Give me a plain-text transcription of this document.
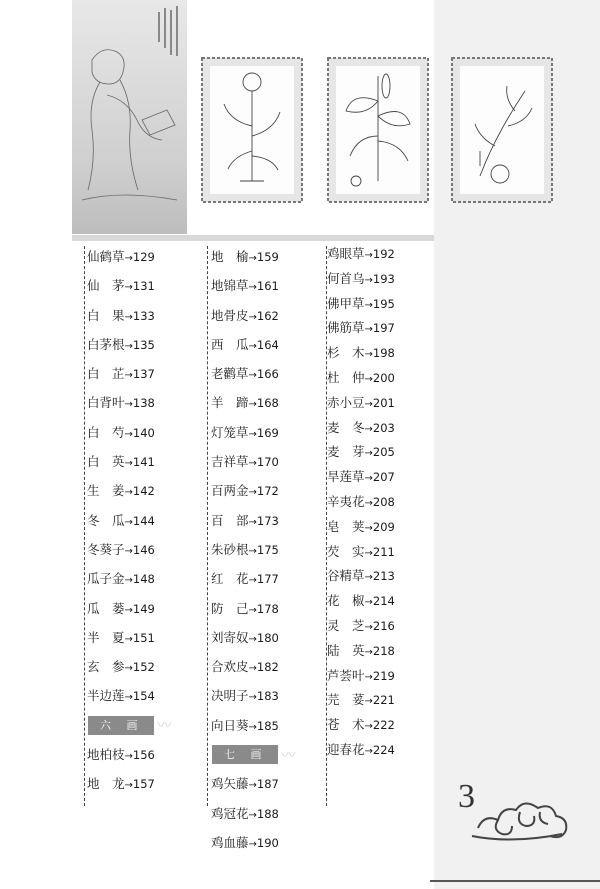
仙鹤草→129
仙　茅→131
白　果→133
白茅根→135
白　芷→137
白背叶→138
白　芍→140
白　英→141
生　姜→142
冬　瓜→144
冬葵子→146
瓜子金→148
瓜　蒌→149
半　夏→151
玄　参→152
半边莲→154
六 画	〰
地柏枝→156
地　龙→157
地　榆→159
地锦草→161
地骨皮→162
西　瓜→164
老鹳草→166
羊　蹄→168
灯笼草→169
吉祥草→170
百两金→172
百　部→173
朱砂根→175
红　花→177
防　己→178
刘寄奴→180
合欢皮→182
决明子→183
向日葵→185
七 画	〰
鸡矢藤→187
鸡冠花→188
鸡血藤→190
鸡眼草→192
何首乌→193
佛甲草→195
佛筋草→197
杉　木→198
杜　仲→200
赤小豆→201
麦　冬→203
麦　芽→205
旱莲草→207
辛夷花→208
皂　荚→209
芡　实→211
谷精草→213
花　椒→214
灵　芝→216
陆　英→218
芦荟叶→219
芫　荽→221
苍　术→222
迎春花→224
3
